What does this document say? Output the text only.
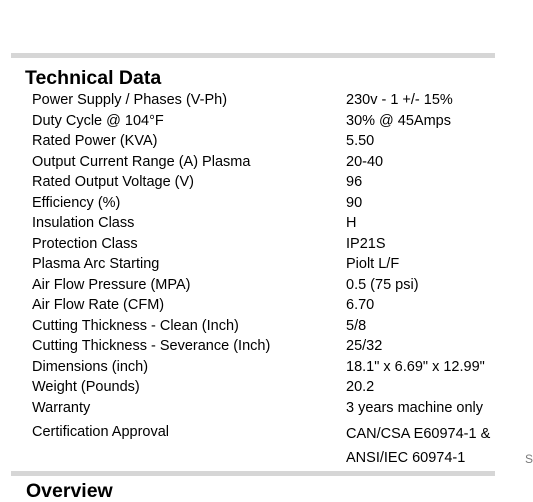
Technical Data
Power Supply / Phases (V-Ph)	230v - 1 +/- 15%
Duty Cycle @ 104°F	30% @ 45Amps
Rated Power (KVA)	5.50
Output Current Range (A) Plasma	20-40
Rated Output Voltage (V)	96
Efficiency (%)	90
Insulation Class	H
Protection Class	IP21S
Plasma Arc Starting	Piolt L/F
Air Flow Pressure (MPA)	0.5 (75 psi)
Air Flow Rate (CFM)	6.70
Cutting Thickness - Clean (Inch)	5/8
Cutting Thickness - Severance (Inch)	25/32
Dimensions (inch)	18.1" x 6.69" x 12.99"
Weight (Pounds)	20.2
Warranty	3 years machine only
Certification Approval	CAN/CSA E60974-1 & ANSI/IEC 60974-1
Overview
S
